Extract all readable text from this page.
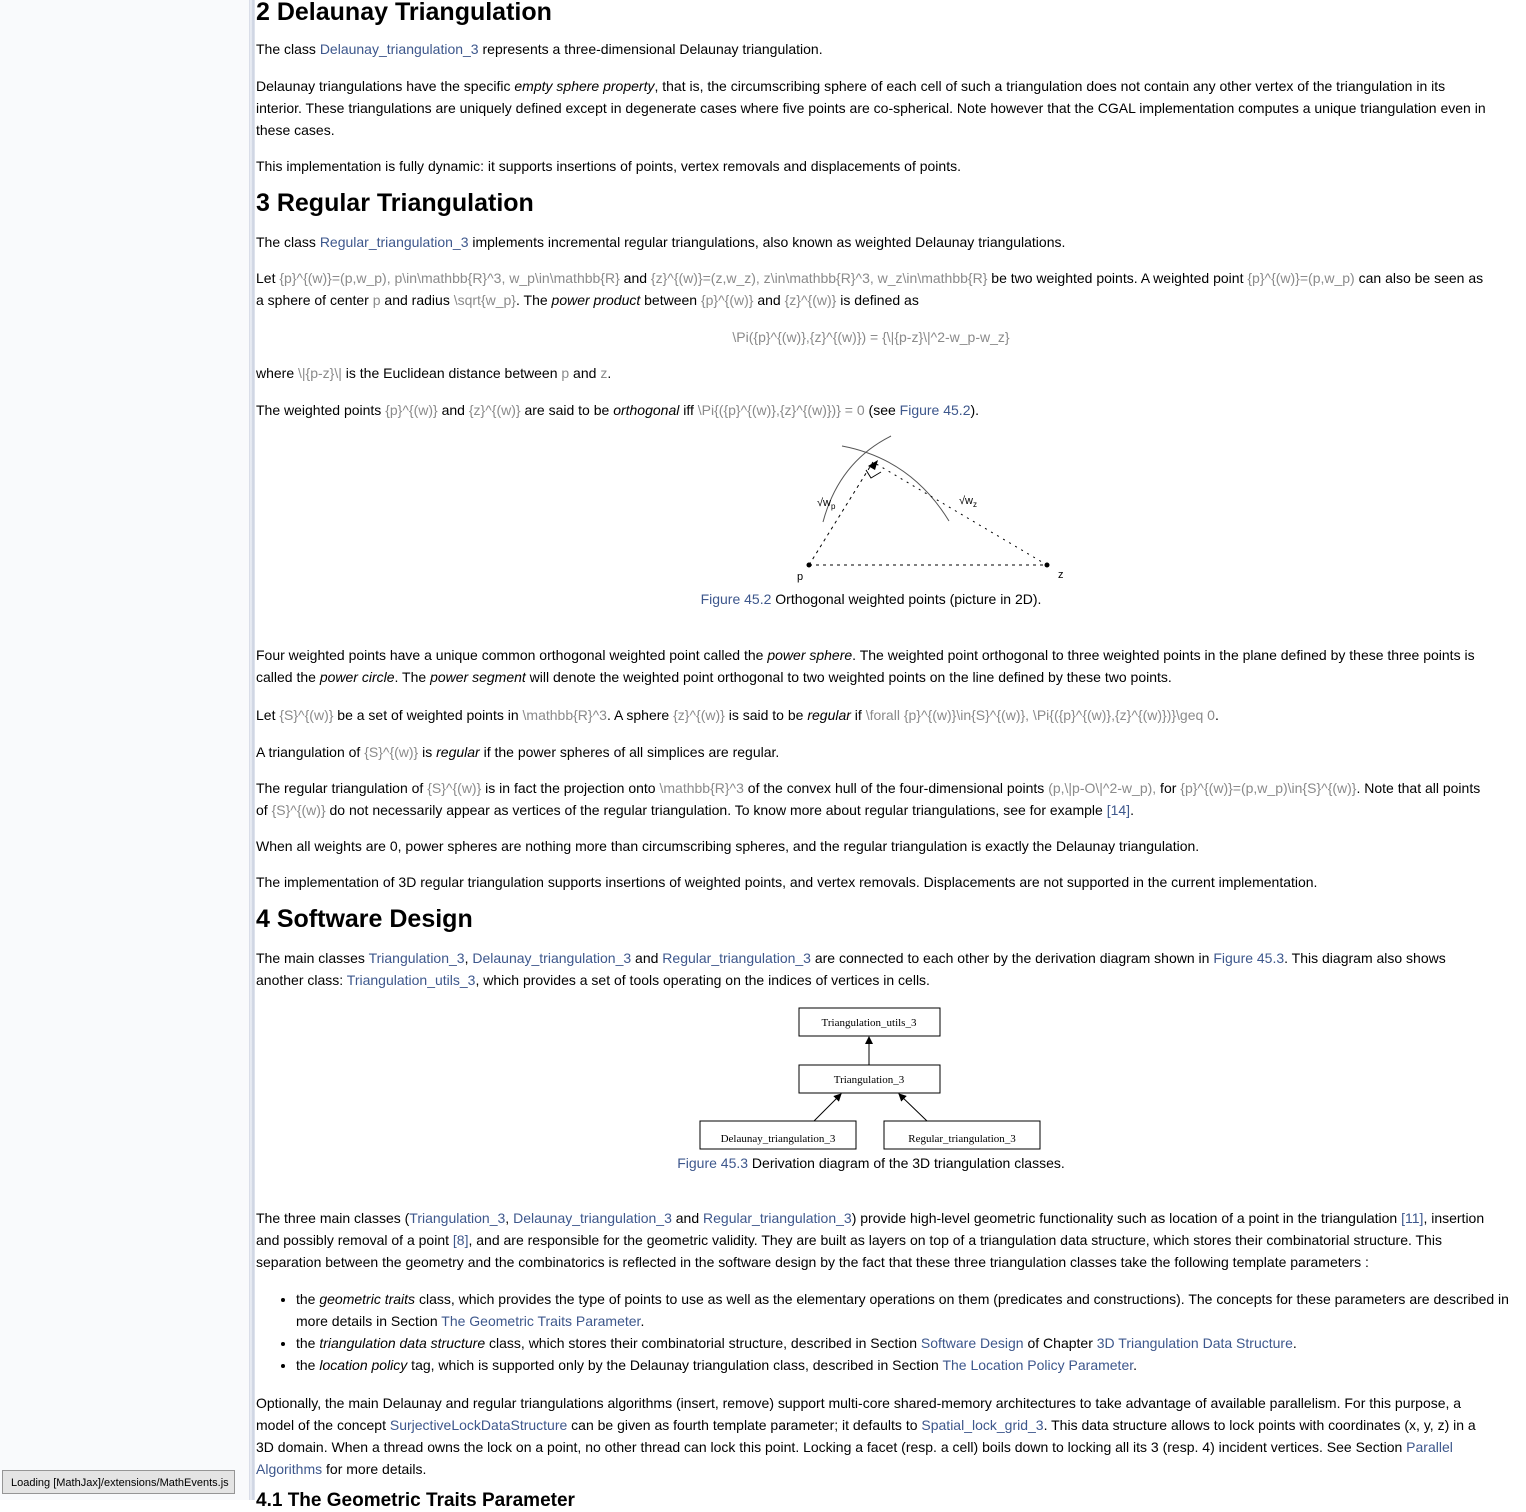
2 Delaunay Triangulation

The class Delaunay_triangulation_3 represents a three-dimensional Delaunay triangulation.

Delaunay triangulations have the specific empty sphere property, that is, the circumscribing sphere of each cell of such a triangulation does not contain any other vertex of the triangulation in its interior. These triangulations are uniquely defined except in degenerate cases where five points are co-spherical. Note however that the CGAL implementation computes a unique triangulation even in these cases.

This implementation is fully dynamic: it supports insertions of points, vertex removals and displacements of points.

3 Regular Triangulation

The class Regular_triangulation_3 implements incremental regular triangulations, also known as weighted Delaunay triangulations.

Let {p}^{(w)}=(p,w_p), p\in\mathbb{R}^3, w_p\in\mathbb{R} and {z}^{(w)}=(z,w_z), z\in\mathbb{R}^3, w_z\in\mathbb{R} be two weighted points. A weighted point {p}^{(w)}=(p,w_p) can also be seen as a sphere of center p and radius \sqrt{w_p}. The power product between {p}^{(w)} and {z}^{(w)} is defined as

\Pi({p}^{(w)},{z}^{(w)}) = {\|{p-z}\|^2-w_p-w_z}

where \|{p-z}\| is the Euclidean distance between p and z.

The weighted points {p}^{(w)} and {z}^{(w)} are said to be orthogonal iff \Pi{({p}^{(w)},{z}^{(w)})} = 0 (see Figure 45.2).

$√w_p$	$√w_z$
p	z
Figure 45.2 Orthogonal weighted points (picture in 2D).

Four weighted points have a unique common orthogonal weighted point called the power sphere. The weighted point orthogonal to three weighted points in the plane defined by these three points is called the power circle. The power segment will denote the weighted point orthogonal to two weighted points on the line defined by these two points.

Let {S}^{(w)} be a set of weighted points in \mathbb{R}^3. A sphere {z}^{(w)} is said to be regular if \forall {p}^{(w)}\in{S}^{(w)}, \Pi{({p}^{(w)},{z}^{(w)})}\geq 0.

A triangulation of {S}^{(w)} is regular if the power spheres of all simplices are regular.

The regular triangulation of {S}^{(w)} is in fact the projection onto \mathbb{R}^3 of the convex hull of the four-dimensional points (p,\|p-O\|^2-w_p), for {p}^{(w)}=(p,w_p)\in{S}^{(w)}. Note that all points of {S}^{(w)} do not necessarily appear as vertices of the regular triangulation. To know more about regular triangulations, see for example [14].

When all weights are 0, power spheres are nothing more than circumscribing spheres, and the regular triangulation is exactly the Delaunay triangulation.

The implementation of 3D regular triangulation supports insertions of weighted points, and vertex removals. Displacements are not supported in the current implementation.

4 Software Design

The main classes Triangulation_3, Delaunay_triangulation_3 and Regular_triangulation_3 are connected to each other by the derivation diagram shown in Figure 45.3. This diagram also shows another class: Triangulation_utils_3, which provides a set of tools operating on the indices of vertices in cells.

Triangulation_utils_3
Triangulation_3
Delaunay_triangulation_3	Regular_triangulation_3
Figure 45.3 Derivation diagram of the 3D triangulation classes.

The three main classes (Triangulation_3, Delaunay_triangulation_3 and Regular_triangulation_3) provide high-level geometric functionality such as location of a point in the triangulation [11], insertion and possibly removal of a point [8], and are responsible for the geometric validity. They are built as layers on top of a triangulation data structure, which stores their combinatorial structure. This separation between the geometry and the combinatorics is reflected in the software design by the fact that these three triangulation classes take the following template parameters :

• the geometric traits class, which provides the type of points to use as well as the elementary operations on them (predicates and constructions). The concepts for these parameters are described in more details in Section The Geometric Traits Parameter.
• the triangulation data structure class, which stores their combinatorial structure, described in Section Software Design of Chapter 3D Triangulation Data Structure.
• the location policy tag, which is supported only by the Delaunay triangulation class, described in Section The Location Policy Parameter.

Optionally, the main Delaunay and regular triangulations algorithms (insert, remove) support multi-core shared-memory architectures to take advantage of available parallelism. For this purpose, a model of the concept SurjectiveLockDataStructure can be given as fourth template parameter; it defaults to Spatial_lock_grid_3. This data structure allows to lock points with coordinates (x, y, z) in a 3D domain. When a thread owns the lock on a point, no other thread can lock this point. Locking a facet (resp. a cell) boils down to locking all its 3 (resp. 4) incident vertices. See Section Parallel Algorithms for more details.

4.1 The Geometric Traits Parameter
Loading [MathJax]/extensions/MathEvents.js
